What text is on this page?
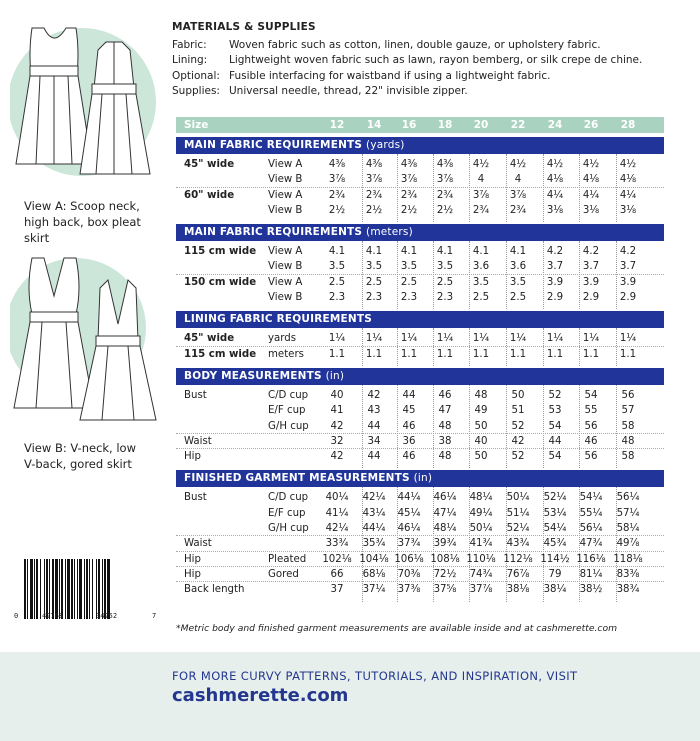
View A: Scoop neck,
high back, box pleat
skirt
View B: V-neck, low
V-back, gored skirt
0	42768	34252	7
MATERIALS & SUPPLIES
Fabric:	Woven fabric such as cotton, linen, double gauze, or upholstery fabric.
Lining:	Lightweight woven fabric such as lawn, rayon bemberg, or silk crepe de chine.
Optional: Fusible interfacing for waistband if using a lightweight fabric.
Supplies: Universal needle, thread, 22" invisible zipper.
Size	12	14	16	18	20	22	24	26	28
MAIN FABRIC REQUIREMENTS (yards)
45" wide	View A	4⅜	4⅜	4⅜	4⅜	4½	4½	4½	4½	4½
View B	3⅞	3⅞	3⅞	3⅞	4	4	4⅛	4⅛	4⅛
60" wide	View A	2¾	2¾	2¾	2¾	3⅞	3⅞	4¼	4¼	4¼
View B	2½	2½	2½	2½	2¾	2¾	3⅛	3⅛	3⅛
MAIN FABRIC REQUIREMENTS (meters)
115 cm wide View A	4.1	4.1	4.1	4.1	4.1	4.1	4.2	4.2	4.2
View B	3.5	3.5	3.5	3.5	3.6	3.6	3.7	3.7	3.7
150 cm wide View A	2.5	2.5	2.5	2.5	3.5	3.5	3.9	3.9	3.9
View B	2.3	2.3	2.3	2.3	2.5	2.5	2.9	2.9	2.9
LINING FABRIC REQUIREMENTS
45" wide	yards	1¼	1¼	1¼	1¼	1¼	1¼	1¼	1¼	1¼
115 cm wide meters	1.1	1.1	1.1	1.1	1.1	1.1	1.1	1.1	1.1
BODY MEASUREMENTS (in)
Bust	C/D cup	40	42	44	46	48	50	52	54	56
E/F cup	41	43	45	47	49	51	53	55	57
G/H cup	42	44	46	48	50	52	54	56	58
Waist	32	34	36	38	40	42	44	46	48
Hip	42	44	46	48	50	52	54	56	58
FINISHED GARMENT MEASUREMENTS (in)
Bust	C/D cup	40¼	42¼	44¼	46¼	48¼	50¼	52¼	54¼	56¼
E/F cup	41¼	43¼	45¼	47¼	49¼	51¼	53¼	55¼	57¼
G/H cup	42¼	44¼	46¼	48¼	50¼	52¼	54¼	56¼	58¼
Waist	33¾	35¾	37¾	39¾	41¾	43¾	45¾	47¾	49⅞
Hip	Pleated 102⅛ 104⅛ 106⅛ 108⅛ 110⅛ 112⅛ 114½ 116⅛ 118⅛
Hip	Gored	66	68⅛	70⅜	72½	74¾	76⅞	79	81¼	83⅜
Back length	37	37¼	37⅜	37⅝	37⅞	38⅛	38¼	38½	38¾
*Metric body and finished garment measurements are available inside and at cashmerette.com
FOR MORE CURVY PATTERNS, TUTORIALS, AND INSPIRATION, VISIT
cashmerette.com
